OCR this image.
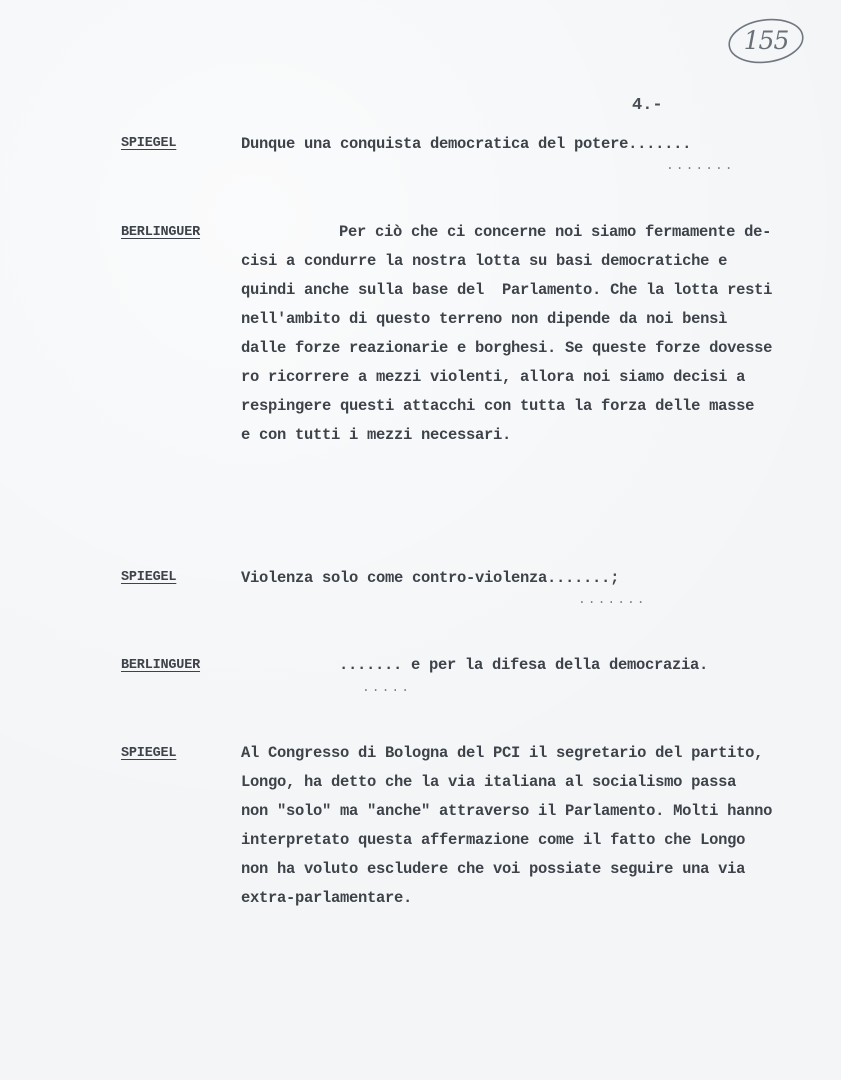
155
4.-
SPIEGEL	Dunque una conquista democratica del potere.......
.......
BERLINGUER	Per ciò che ci concerne noi siamo fermamente de-
cisi a condurre la nostra lotta su basi democratiche e
quindi anche sulla base del  Parlamento. Che la lotta resti
nell'ambito di questo terreno non dipende da noi bensì
dalle forze reazionarie e borghesi. Se queste forze dovesse
ro ricorrere a mezzi violenti, allora noi siamo decisi a
respingere questi attacchi con tutta la forza delle masse
e con tutti i mezzi necessari.
SPIEGEL	Violenza solo come contro-violenza.......;
.......
BERLINGUER	....... e per la difesa della democrazia.
.....
SPIEGEL	Al Congresso di Bologna del PCI il segretario del partito,
Longo, ha detto che la via italiana al socialismo passa
non "solo" ma "anche" attraverso il Parlamento. Molti hanno
interpretato questa affermazione come il fatto che Longo
non ha voluto escludere che voi possiate seguire una via
extra-parlamentare.
